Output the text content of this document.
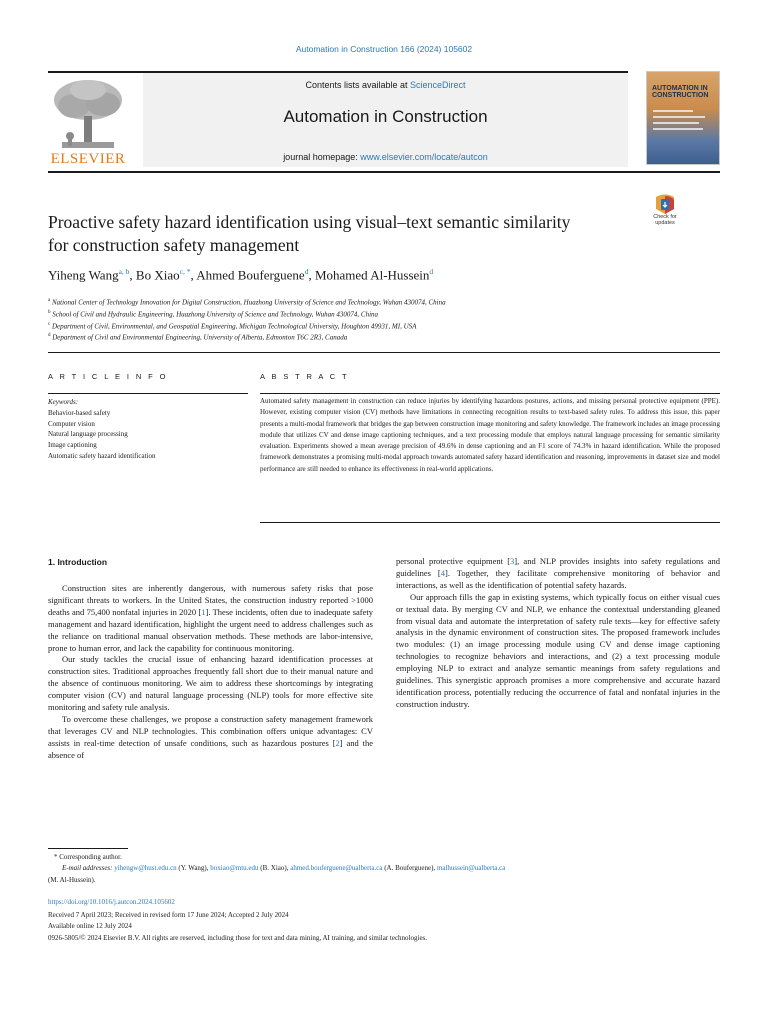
Automation in Construction 166 (2024) 105602
ELSEVIER
Contents lists available at ScienceDirect
Automation in Construction
journal homepage: www.elsevier.com/locate/autcon
AUTOMATION IN CONSTRUCTION
Proactive safety hazard identification using visual–text semantic similarity
for construction safety management
Check for updates
Yiheng Wang$^{a, b}$, Bo Xiao$^{c, *}$, Ahmed Bouferguene$^d$, Mohamed Al-Hussein$^d$
$^a$ National Center of Technology Innovation for Digital Construction, Huazhong University of Science and Technology, Wuhan 430074, China
$^b$ School of Civil and Hydraulic Engineering, Huazhong University of Science and Technology, Wuhan 430074, China
$^c$ Department of Civil, Environmental, and Geospatial Engineering, Michigan Technological University, Houghton 49931, MI, USA
$^d$ Department of Civil and Environmental Engineering, University of Alberta, Edmonton T6C 2R3, Canada
A R T I C L E I N F O
Keywords:
Behavior-based safety
Computer vision
Natural language processing
Image captioning
Automatic safety hazard identification
A B S T R A C T
Automated safety management in construction can reduce injuries by identifying hazardous postures, actions, and missing personal protective equipment (PPE). However, existing computer vision (CV) methods have limitations in connecting recognition results to text-based safety rules. To address this issue, this paper presents a multi-modal framework that bridges the gap between construction image monitoring and safety knowledge. The framework includes an image processing module that utilizes CV and dense image captioning techniques, and a text processing module that employs natural language processing for semantic similarity evaluation. Experiments showed a mean average precision of 49.6% in dense captioning and an F1 score of 74.3% in hazard identification. While the proposed framework demonstrates a promising multi-modal approach towards automated safety hazard identification and reasoning, improvements in dataset size and model performance are still needed to enhance its effectiveness in real-world applications.
1. Introduction

Construction sites are inherently dangerous, with numerous safety risks that pose significant threats to workers. In the United States, the construction industry reported >1000 deaths and 75,400 nonfatal injuries in 2020 [1]. These incidents, often due to inadequate safety management and hazard identification, highlight the urgent need to address challenges such as the reliance on traditional manual observation methods. These methods are labor-intensive, prone to human error, and lack the capability for continuous monitoring.

Our study tackles the crucial issue of enhancing hazard identification processes at construction sites. Traditional approaches frequently fall short due to their manual nature and the absence of continuous monitoring. We aim to address these shortcomings by integrating computer vision (CV) and natural language processing (NLP) tools for more effective site monitoring and safety rule analysis.

To overcome these challenges, we propose a construction safety management framework that leverages CV and NLP technologies. This combination offers unique advantages: CV assists in real-time detection of unsafe conditions, such as hazardous postures [2] and the absence of

personal protective equipment [3], and NLP provides insights into safety regulations and guidelines [4]. Together, they facilitate comprehensive monitoring of behavior and interactions, as well as the identification of potential safety hazards.

Our approach fills the gap in existing systems, which typically focus on either visual cues or textual data. By merging CV and NLP, we enhance the contextual understanding gleaned from visual data and automate the interpretation of safety rule texts—key for effective safety analysis in the dynamic environment of construction sites. The proposed framework includes two modules: (1) an image processing module using CV and dense image captioning technologies to recognize behaviors and interactions, and (2) a text processing module employing NLP to extract and analyze semantic meanings from safety regulations and guidelines. This synergistic approach promises a more comprehensive and accurate hazard identification process, potentially reducing the occurrence of fatal and nonfatal injuries in the construction industry.

* Corresponding author.
E-mail addresses: yihengw@hust.edu.cn (Y. Wang), boxiao@mtu.edu (B. Xiao), ahmed.bouferguene@ualberta.ca (A. Bouferguene), malhussein@ualberta.ca
(M. Al-Hussein).
https://doi.org/10.1016/j.autcon.2024.105602
Received 7 April 2023; Received in revised form 17 June 2024; Accepted 2 July 2024
Available online 12 July 2024
0926-5805/© 2024 Elsevier B.V. All rights are reserved, including those for text and data mining, AI training, and similar technologies.
